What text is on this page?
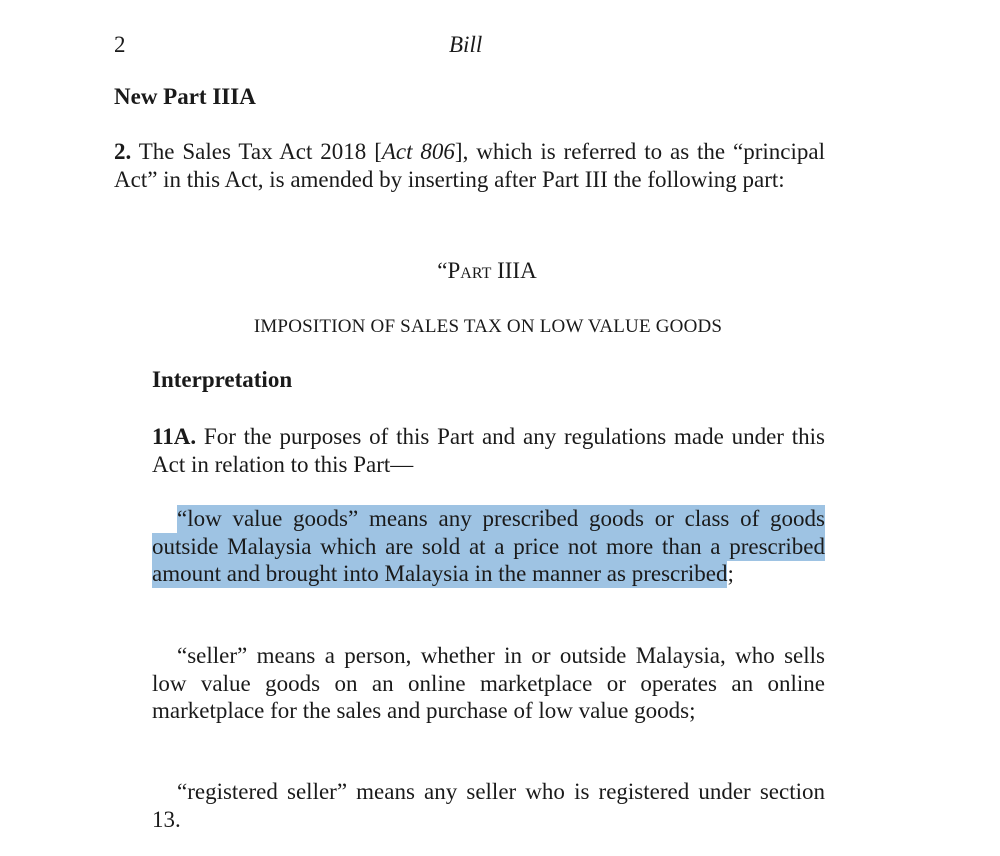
2	Bill
New Part IIIA

2. The Sales Tax Act 2018 [Act 806], which is referred to as the “principal Act” in this Act, is amended by inserting after Part III the following part:

“Part IIIA
IMPOSITION OF SALES TAX ON LOW VALUE GOODS
Interpretation

11A. For the purposes of this Part and any regulations made under this Act in relation to this Part—

“low value goods” means any prescribed goods or class of goods outside Malaysia which are sold at a price not more than a prescribed amount and brought into Malaysia in the manner as prescribed;

“seller” means a person, whether in or outside Malaysia, who sells low value goods on an online marketplace or operates an online marketplace for the sales and purchase of low value goods;

“registered seller” means any seller who is registered under section 13.
